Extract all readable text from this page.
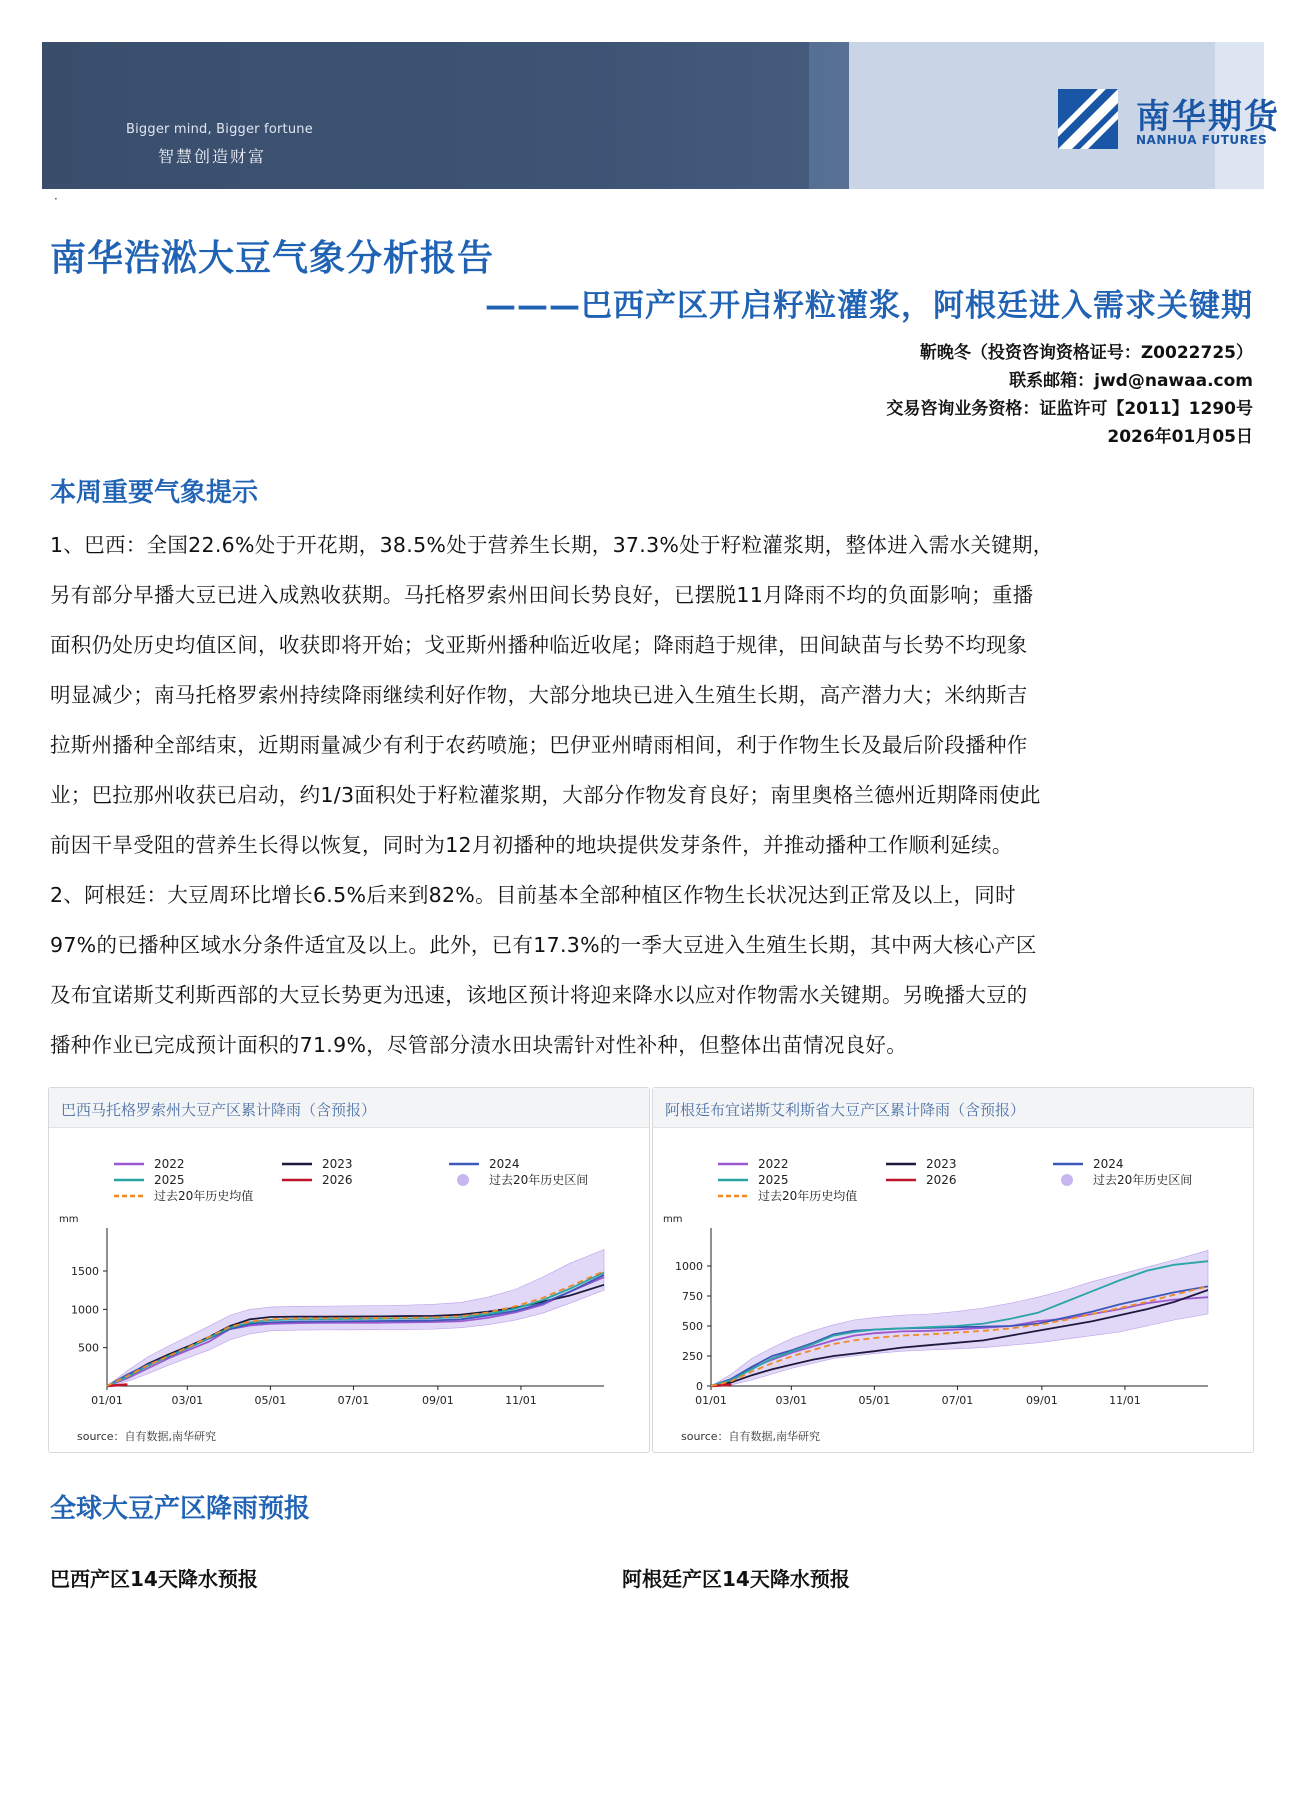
Bigger mind, Bigger fortune
智慧创造财富
南华期货
NANHUA FUTURES
·
南华浩淞大豆气象分析报告
———巴西产区开启籽粒灌浆，阿根廷进入需求关键期
靳晚冬（投资咨询资格证号：Z0022725）
联系邮箱：jwd@nawaa.com
交易咨询业务资格：证监许可【2011】1290号
2026年01月05日
本周重要气象提示
1、巴西：全国22.6%处于开花期，38.5%处于营养生长期，37.3%处于籽粒灌浆期，整体进入需水关键期，
另有部分早播大豆已进入成熟收获期。马托格罗索州田间长势良好，已摆脱11月降雨不均的负面影响；重播
面积仍处历史均值区间，收获即将开始；戈亚斯州播种临近收尾；降雨趋于规律，田间缺苗与长势不均现象
明显减少；南马托格罗索州持续降雨继续利好作物，大部分地块已进入生殖生长期，高产潜力大；米纳斯吉
拉斯州播种全部结束，近期雨量减少有利于农药喷施；巴伊亚州晴雨相间，利于作物生长及最后阶段播种作
业；巴拉那州收获已启动，约1/3面积处于籽粒灌浆期，大部分作物发育良好；南里奥格兰德州近期降雨使此
前因干旱受阻的营养生长得以恢复，同时为12月初播种的地块提供发芽条件，并推动播种工作顺利延续。
2、阿根廷：大豆周环比增长6.5%后来到82%。目前基本全部种植区作物生长状况达到正常及以上，同时
97%的已播种区域水分条件适宜及以上。此外，已有17.3%的一季大豆进入生殖生长期，其中两大核心产区
及布宜诺斯艾利斯西部的大豆长势更为迅速，该地区预计将迎来降水以应对作物需水关键期。另晚播大豆的
播种作业已完成预计面积的71.9%，尽管部分渍水田块需针对性补种，但整体出苗情况良好。
巴西马托格罗索州大豆产区累计降雨（含预报）
500
1000
1500
mm
01/01	03/01	05/01	07/01	09/01	11/01
2022	2023	2024
2025	2026	过去20年历史区间
过去20年历史均值
source：自有数据,南华研究
阿根廷布宜诺斯艾利斯省大豆产区累计降雨（含预报）
0
250
500
750
1000
mm
01/01	03/01	05/01	07/01	09/01	11/01
2022	2023	2024
2025	2026	过去20年历史区间
过去20年历史均值
source：自有数据,南华研究
全球大豆产区降雨预报
巴西产区14天降水预报	阿根廷产区14天降水预报
